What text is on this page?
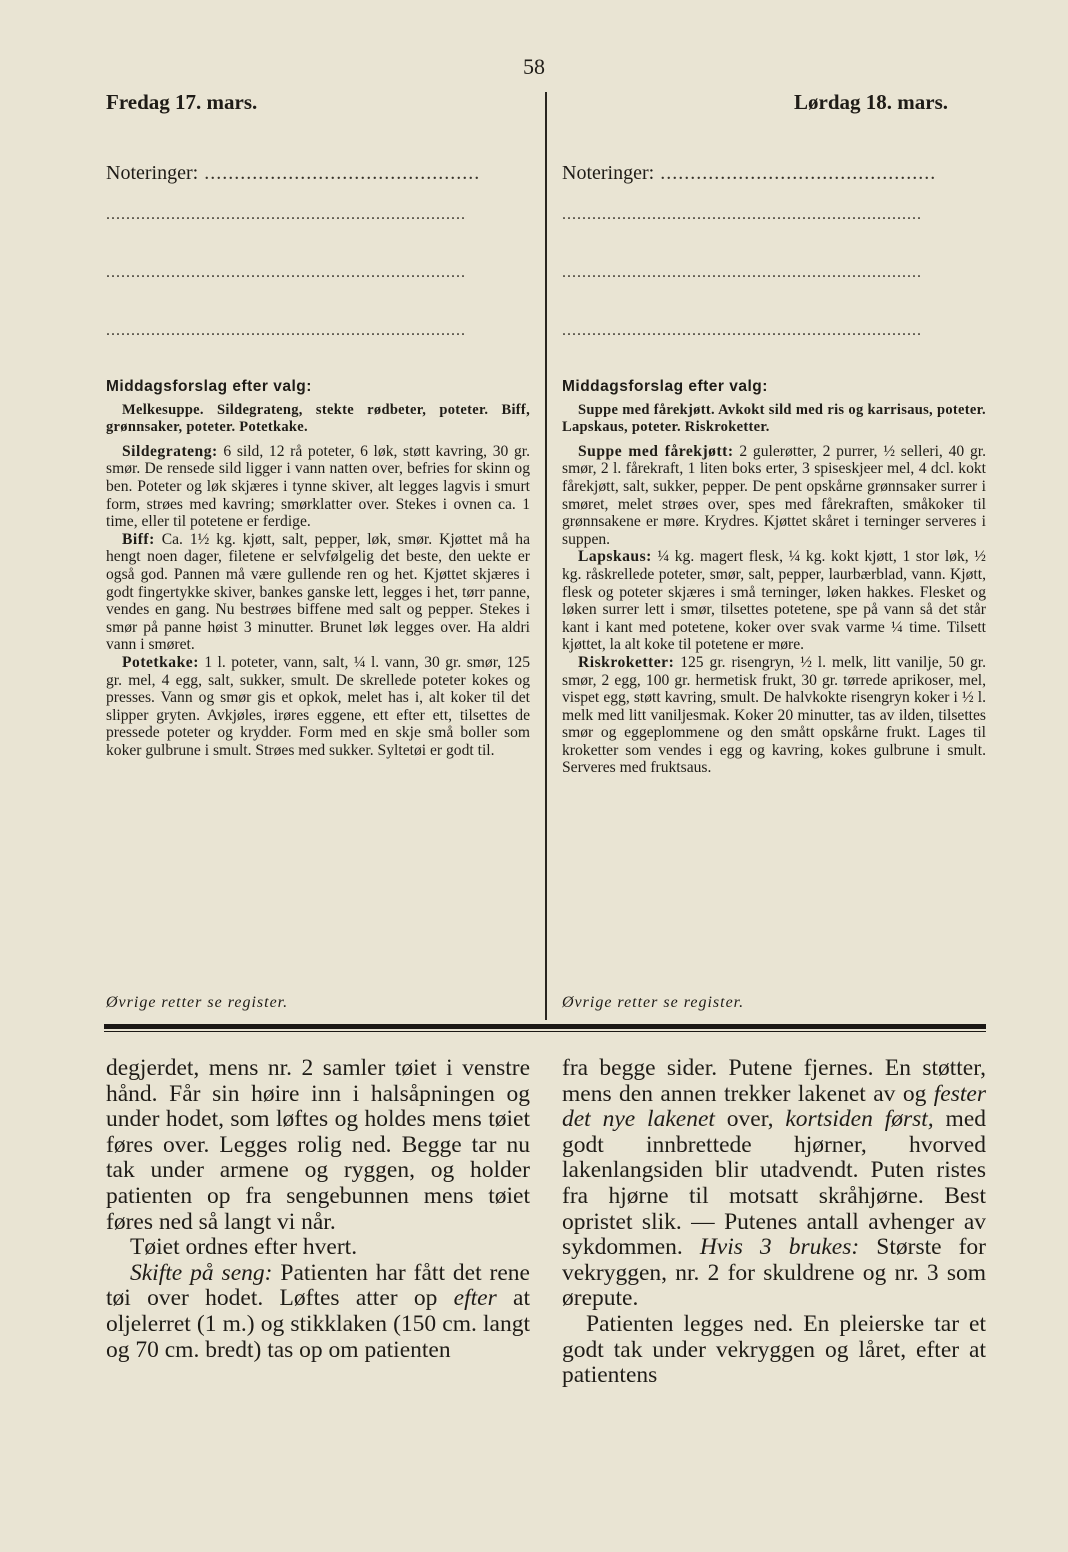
58
Fredag 17. mars.	Lørdag 18. mars.
Noteringer: ..............................................
........................................................................
........................................................................
........................................................................
Noteringer: ..............................................
........................................................................
........................................................................
........................................................................
Middagsforslag efter valg:

Melkesuppe. Sildegrateng, stekte rødbeter, poteter. Biff, grønnsaker, poteter. Potetkake.

Sildegrateng: 6 sild, 12 rå poteter, 6 løk, støtt kavring, 30 gr. smør. De rensede sild ligger i vann natten over, befries for skinn og ben. Poteter og løk skjæres i tynne skiver, alt legges lagvis i smurt form, strøes med kavring; smørklatter over. Stekes i ovnen ca. 1 time, eller til potetene er ferdige.

Biff: Ca. 1½ kg. kjøtt, salt, pepper, løk, smør. Kjøttet må ha hengt noen dager, filetene er selvfølgelig det beste, den uekte er også god. Pannen må være gullende ren og het. Kjøttet skjæres i godt fingertykke skiver, bankes ganske lett, legges i het, tørr panne, vendes en gang. Nu bestrøes biffene med salt og pepper. Stekes i smør på panne høist 3 minutter. Brunet løk legges over. Ha aldri vann i smøret.

Potetkake: 1 l. poteter, vann, salt, ¼ l. vann, 30 gr. smør, 125 gr. mel, 4 egg, salt, sukker, smult. De skrellede poteter kokes og presses. Vann og smør gis et opkok, melet has i, alt koker til det slipper gryten. Avkjøles, irøres eggene, ett efter ett, tilsettes de pressede poteter og krydder. Form med en skje små boller som koker gulbrune i smult. Strøes med sukker. Syltetøi er godt til.

Middagsforslag efter valg:

Suppe med fårekjøtt. Avkokt sild med ris og karrisaus, poteter. Lapskaus, poteter. Riskroketter.

Suppe med fårekjøtt: 2 gulerøtter, 2 purrer, ½ selleri, 40 gr. smør, 2 l. fårekraft, 1 liten boks erter, 3 spiseskjeer mel, 4 dcl. kokt fårekjøtt, salt, sukker, pepper. De pent opskårne grønnsaker surrer i smøret, melet strøes over, spes med fårekraften, småkoker til grønnsakene er møre. Krydres. Kjøttet skåret i terninger serveres i suppen.

Lapskaus: ¼ kg. magert flesk, ¼ kg. kokt kjøtt, 1 stor løk, ½ kg. råskrellede poteter, smør, salt, pepper, laurbærblad, vann. Kjøtt, flesk og poteter skjæres i små terninger, løken hakkes. Flesket og løken surrer lett i smør, tilsettes potetene, spe på vann så det står kant i kant med potetene, koker over svak varme ¼ time. Tilsett kjøttet, la alt koke til potetene er møre.

Riskroketter: 125 gr. risengryn, ½ l. melk, litt vanilje, 50 gr. smør, 2 egg, 100 gr. hermetisk frukt, 30 gr. tørrede aprikoser, mel, vispet egg, støtt kavring, smult. De halvkokte risengryn koker i ½ l. melk med litt vaniljesmak. Koker 20 minutter, tas av ilden, tilsettes smør og eggeplommene og den smått opskårne frukt. Lages til kroketter som vendes i egg og kavring, kokes gulbrune i smult. Serveres med fruktsaus.

Øvrige retter se register.	Øvrige retter se register.

degjerdet, mens nr. 2 samler tøiet i venstre hånd. Får sin høire inn i halsåpningen og under hodet, som løftes og holdes mens tøiet føres over. Legges rolig ned. Begge tar nu tak under armene og ryggen, og holder patienten op fra sengebunnen mens tøiet føres ned så langt vi når.

Tøiet ordnes efter hvert.

Skifte på seng: Patienten har fått det rene tøi over hodet. Løftes atter op efter at oljelerret (1 m.) og stikklaken (150 cm. langt og 70 cm. bredt) tas op om patienten

fra begge sider. Putene fjernes. En støtter, mens den annen trekker lakenet av og fester det nye lakenet over, kortsiden først, med godt innbrettede hjørner, hvorved lakenlangsiden blir utadvendt. Puten ristes fra hjørne til motsatt skråhjørne. Best opristet slik. — Putenes antall avhenger av sykdommen. Hvis 3 brukes: Største for vekryggen, nr. 2 for skuldrene og nr. 3 som ørepute.

Patienten legges ned. En pleierske tar et godt tak under vekryggen og låret, efter at patientens
